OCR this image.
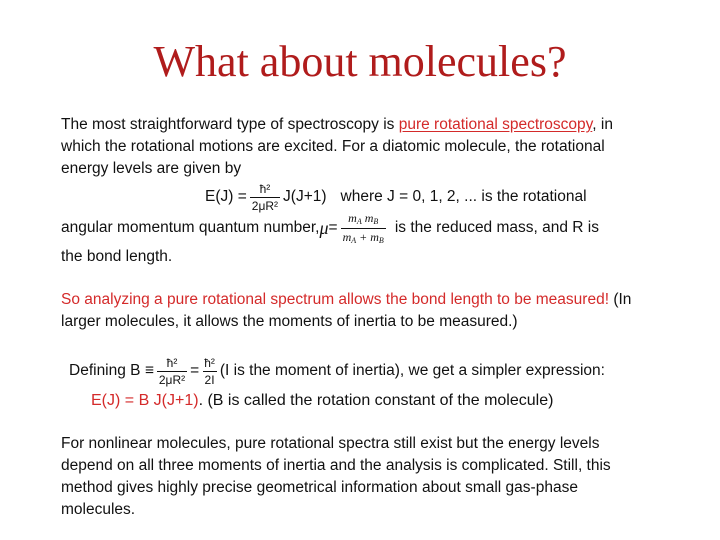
What about molecules?
The most straightforward type of spectroscopy is pure rotational spectroscopy, in
which the rotational motions are excited. For a diatomic molecule, the rotational
energy levels are given by
$E(J) = \frac{\text{ħ²}}{\text{2μR²}} J(J+1)$ where J = 0, 1, 2, ... is the rotational
angular momentum quantum number, $\mu = \frac{m_A m_B}{m_A + m_B}$ is the reduced mass, and R is
the bond length.
So analyzing a pure rotational spectrum allows the bond length to be measured! (In
larger molecules, it allows the moments of inertia to be measured.)
Defining $B \equiv \frac{\text{ħ²}}{\text{2μR²}} = \frac{\text{ħ²}}{2I} (I$ is the moment of inertia), we get a simpler expression:
E(J) = B J(J+1). (B is called the rotation constant of the molecule)
For nonlinear molecules, pure rotational spectra still exist but the energy levels
depend on all three moments of inertia and the analysis is complicated. Still, this
method gives highly precise geometrical information about small gas-phase
molecules.
